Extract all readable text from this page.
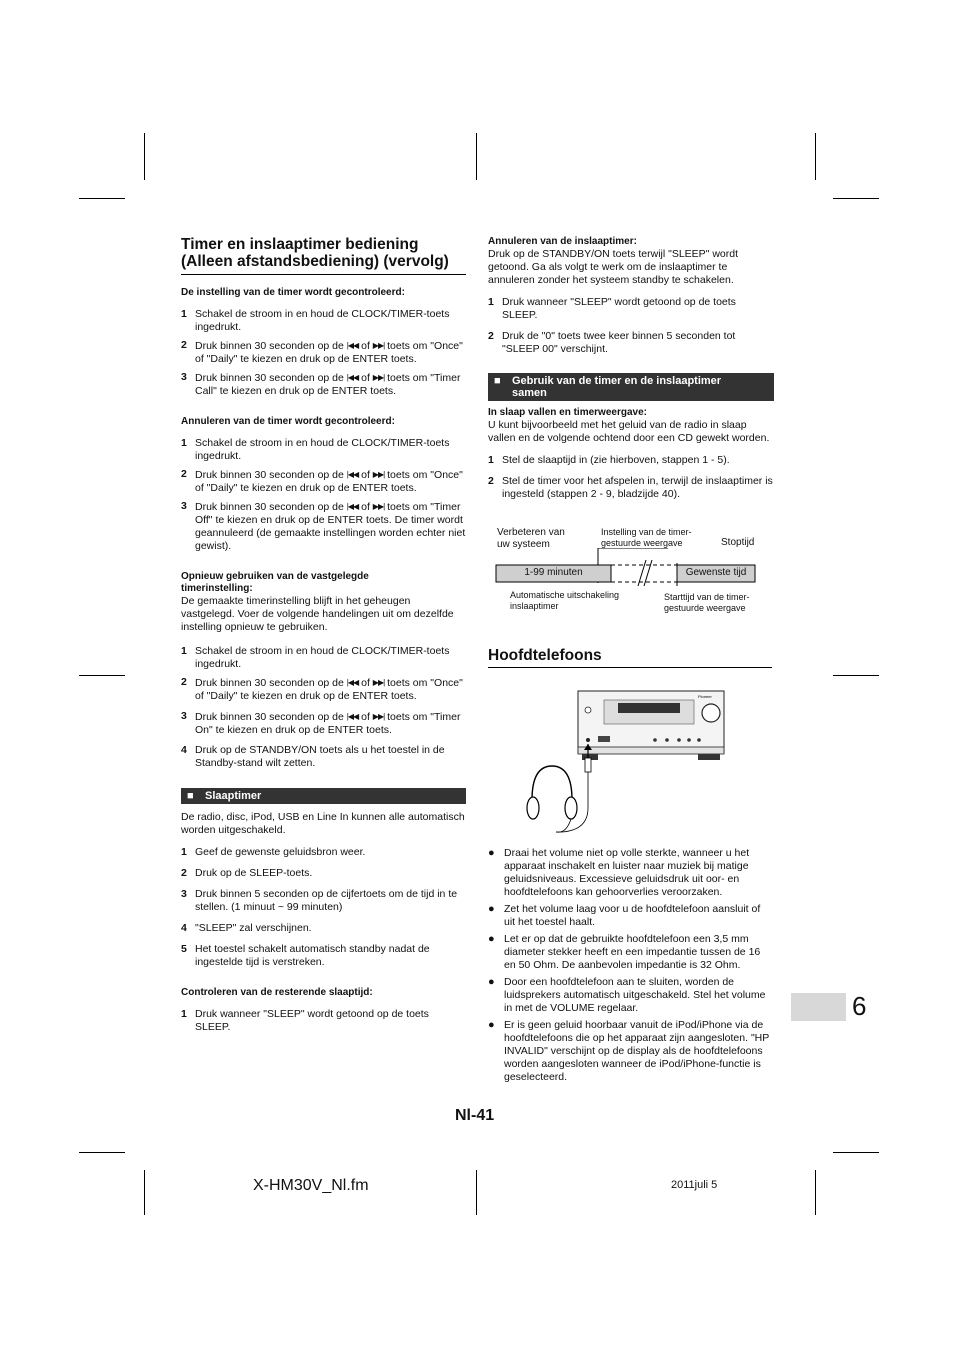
Timer en inslaaptimer bediening
(Alleen afstandsbediening) (vervolg)
De instelling van de timer wordt gecontroleerd:
1 Schakel de stroom in en houd de CLOCK/TIMER-toets ingedrukt.
2 Druk binnen 30 seconden op de |◀◀ of ▶▶| toets om "Once" of "Daily" te kiezen en druk op de ENTER toets.
3 Druk binnen 30 seconden op de |◀◀ of ▶▶| toets om "Timer Call" te kiezen en druk op de ENTER toets.
Annuleren van de timer wordt gecontroleerd:
1 Schakel de stroom in en houd de CLOCK/TIMER-toets ingedrukt.
2 Druk binnen 30 seconden op de |◀◀ of ▶▶| toets om "Once" of "Daily" te kiezen en druk op de ENTER toets.
3 Druk binnen 30 seconden op de |◀◀ of ▶▶| toets om "Timer Off" te kiezen en druk op de ENTER toets. De timer wordt geannuleerd (de gemaakte instellingen worden echter niet gewist).
Opnieuw gebruiken van de vastgelegde
timerinstelling:
De gemaakte timerinstelling blijft in het geheugen vastgelegd. Voer de volgende handelingen uit om dezelfde instelling opnieuw te gebruiken.
1 Schakel de stroom in en houd de CLOCK/TIMER-toets ingedrukt.
2 Druk binnen 30 seconden op de |◀◀ of ▶▶| toets om "Once" of "Daily" te kiezen en druk op de ENTER toets.
3 Druk binnen 30 seconden op de |◀◀ of ▶▶| toets om "Timer On" te kiezen en druk op de ENTER toets.
4 Druk op de STANDBY/ON toets als u het toestel in de Standby-stand wilt zetten.
■	Slaaptimer
De radio, disc, iPod, USB en Line In kunnen alle automatisch worden uitgeschakeld.
1 Geef de gewenste geluidsbron weer.
2 Druk op de SLEEP-toets.
3 Druk binnen 5 seconden op de cijfertoets om de tijd in te stellen. (1 minuut ~ 99 minuten)
4 "SLEEP" zal verschijnen.
5 Het toestel schakelt automatisch standby nadat de ingestelde tijd is verstreken.
Controleren van de resterende slaaptijd:
1 Druk wanneer "SLEEP" wordt getoond op de toets SLEEP.
Annuleren van de inslaaptimer:
Druk op de STANDBY/ON toets terwijl "SLEEP" wordt getoond. Ga als volgt te werk om de inslaaptimer te annuleren zonder het systeem standby te schakelen.
1 Druk wanneer "SLEEP" wordt getoond op de toets SLEEP.
2 Druk de "0" toets twee keer binnen 5 seconden tot "SLEEP 00" verschijnt.
■	Gebruik van de timer en de inslaaptimer
samen
In slaap vallen en timerweergave:
U kunt bijvoorbeeld met het geluid van de radio in slaap vallen en de volgende ochtend door een CD gewekt worden.
1 Stel de slaaptijd in (zie hierboven, stappen 1 - 5).
2 Stel de timer voor het afspelen in, terwijl de inslaaptimer is ingesteld (stappen 2 - 9, bladzijde 40).
Verbeteren van
uw systeem
Instelling van de timer-
gestuurde weergave	Stoptijd
1-99 minuten	Gewenste tijd
Automatische uitschakeling
inslaaptimer
Starttijd van de timer-
gestuurde weergave
Hoofdtelefoons
Pioneer
● Draai het volume niet op volle sterkte, wanneer u het apparaat inschakelt en luister naar muziek bij matige geluidsniveaus. Excessieve geluidsdruk uit oor- en hoofdtelefoons kan gehoorverlies veroorzaken.
● Zet het volume laag voor u de hoofdtelefoon aansluit of uit het toestel haalt.
● Let er op dat de gebruikte hoofdtelefoon een 3,5 mm diameter stekker heeft en een impedantie tussen de 16 en 50 Ohm. De aanbevolen impedantie is 32 Ohm.
● Door een hoofdtelefoon aan te sluiten, worden de luidsprekers automatisch uitgeschakeld. Stel het volume in met de VOLUME regelaar.
● Er is geen geluid hoorbaar vanuit de iPod/iPhone via de hoofdtelefoons die op het apparaat zijn aangesloten. "HP INVALID" verschijnt op de display als de hoofdtelefoons worden aangesloten wanneer de iPod/iPhone-functie is geselecteerd.
6
Nl-41
X-HM30V_Nl.fm	2011juli 5
